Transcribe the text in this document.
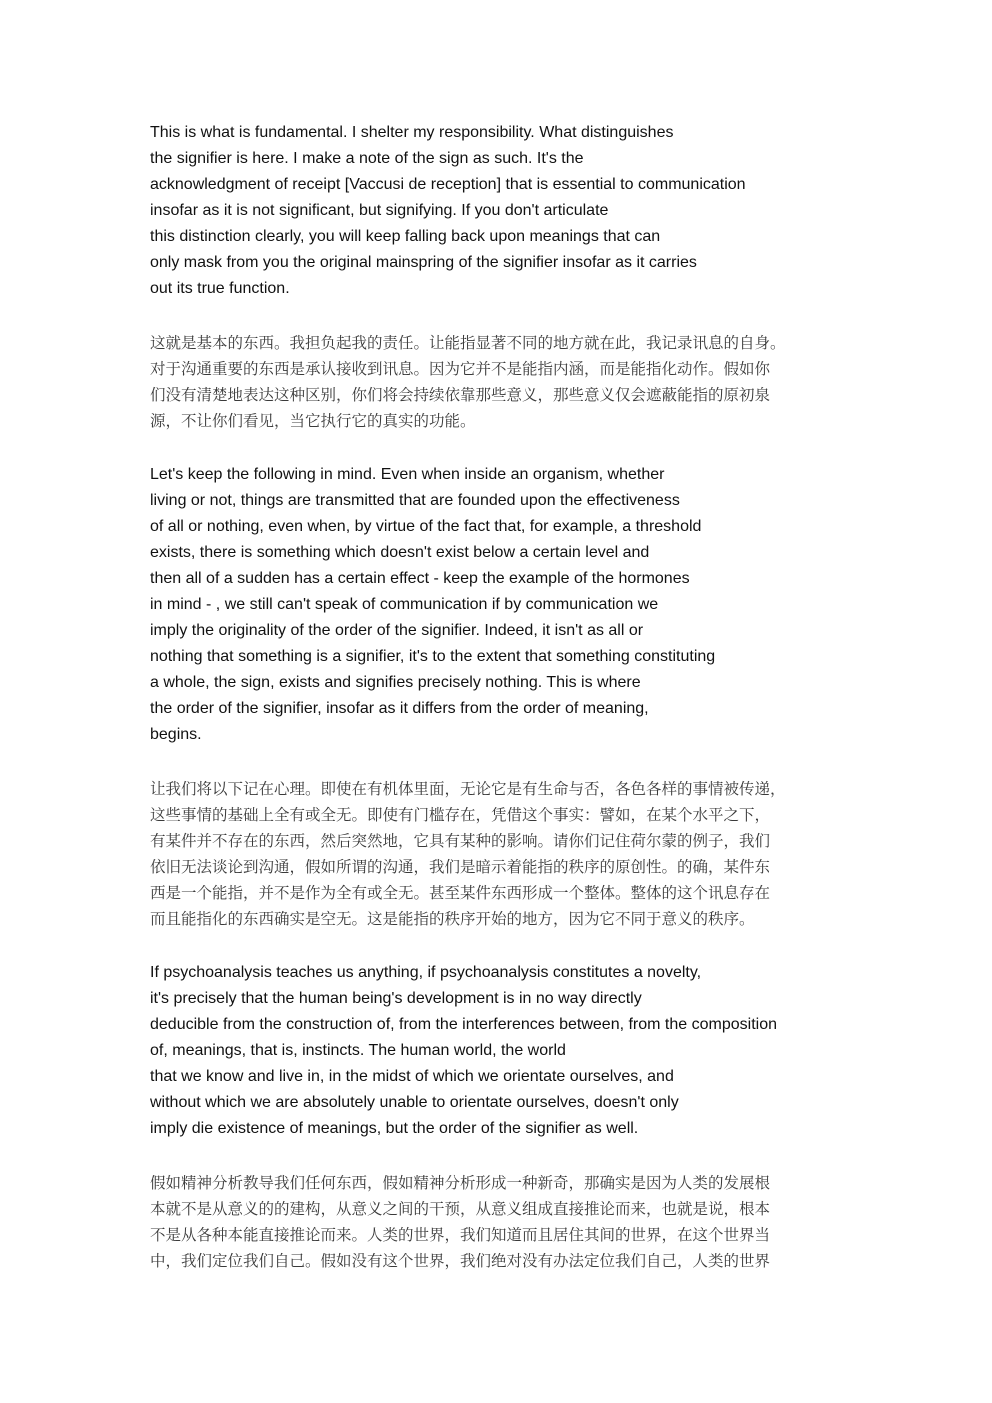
This is what is fundamental. I shelter my responsibility. What distinguishes
the signifier is here. I make a note of the sign as such. It's the
acknowledgment of receipt [Vaccusi de reception] that is essential to communication
insofar as it is not significant, but signifying. If you don't articulate
this distinction clearly, you will keep falling back upon meanings that can
only mask from you the original mainspring of the signifier insofar as it carries
out its true function.

这就是基本的东西。我担负起我的责任。让能指显著不同的地方就在此，我记录讯息的自身。
对于沟通重要的东西是承认接收到讯息。因为它并不是能指内涵，而是能指化动作。假如你
们没有清楚地表达这种区别，你们将会持续依靠那些意义，那些意义仅会遮蔽能指的原初泉
源，不让你们看见，当它执行它的真实的功能。

Let's keep the following in mind. Even when inside an organism, whether
living or not, things are transmitted that are founded upon the effectiveness
of all or nothing, even when, by virtue of the fact that, for example, a threshold
exists, there is something which doesn't exist below a certain level and
then all of a sudden has a certain effect - keep the example of the hormones
in mind - , we still can't speak of communication if by communication we
imply the originality of the order of the signifier. Indeed, it isn't as all or
nothing that something is a signifier, it's to the extent that something constituting
a whole, the sign, exists and signifies precisely nothing. This is where
the order of the signifier, insofar as it differs from the order of meaning,
begins.

让我们将以下记在心理。即使在有机体里面，无论它是有生命与否，各色各样的事情被传递，
这些事情的基础上全有或全无。即使有门槛存在，凭借这个事实：譬如，在某个水平之下，
有某件并不存在的东西，然后突然地，它具有某种的影响。请你们记住荷尔蒙的例子，我们
依旧无法谈论到沟通，假如所谓的沟通，我们是暗示着能指的秩序的原创性。的确，某件东
西是一个能指，并不是作为全有或全无。甚至某件东西形成一个整体。整体的这个讯息存在
而且能指化的东西确实是空无。这是能指的秩序开始的地方，因为它不同于意义的秩序。

If psychoanalysis teaches us anything, if psychoanalysis constitutes a novelty,
it's precisely that the human being's development is in no way directly
deducible from the construction of, from the interferences between, from the composition
of, meanings, that is, instincts. The human world, the world
that we know and live in, in the midst of which we orientate ourselves, and
without which we are absolutely unable to orientate ourselves, doesn't only
imply die existence of meanings, but the order of the signifier as well.

假如精神分析教导我们任何东西，假如精神分析形成一种新奇，那确实是因为人类的发展根
本就不是从意义的的建构，从意义之间的干预，从意义组成直接推论而来，也就是说，根本
不是从各种本能直接推论而来。人类的世界，我们知道而且居住其间的世界，在这个世界当
中，我们定位我们自己。假如没有这个世界，我们绝对没有办法定位我们自己，人类的世界
